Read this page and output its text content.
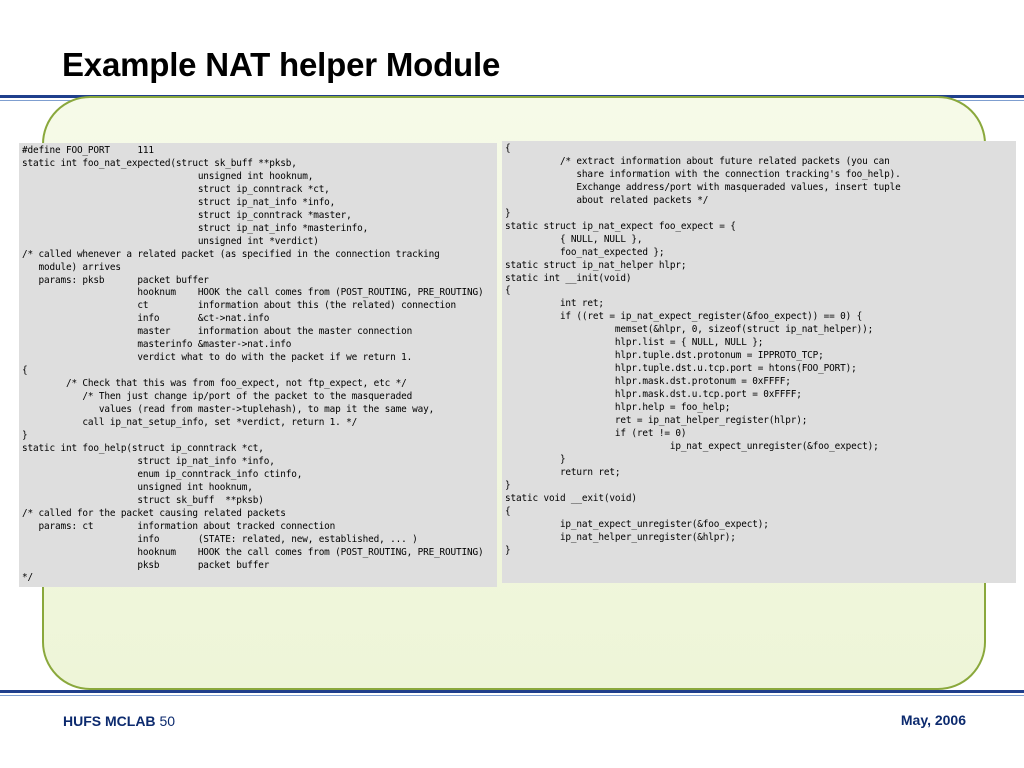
Example NAT helper Module
#define FOO_PORT     111
static int foo_nat_expected(struct sk_buff **pksb,
unsigned int hooknum,
struct ip_conntrack *ct,
struct ip_nat_info *info,
struct ip_conntrack *master,
struct ip_nat_info *masterinfo,
unsigned int *verdict)
/* called whenever a related packet (as specified in the connection tracking
module) arrives
params: pksb      packet buffer
hooknum    HOOK the call comes from (POST_ROUTING, PRE_ROUTING)
ct         information about this (the related) connection
info       &ct->nat.info
master     information about the master connection
masterinfo &master->nat.info
verdict what to do with the packet if we return 1.
{
/* Check that this was from foo_expect, not ftp_expect, etc */
/* Then just change ip/port of the packet to the masqueraded
values (read from master->tuplehash), to map it the same way,
call ip_nat_setup_info, set *verdict, return 1. */
}
static int foo_help(struct ip_conntrack *ct,
struct ip_nat_info *info,
enum ip_conntrack_info ctinfo,
unsigned int hooknum,
struct sk_buff  **pksb)
/* called for the packet causing related packets
params: ct        information about tracked connection
info       (STATE: related, new, established, ... )
hooknum    HOOK the call comes from (POST_ROUTING, PRE_ROUTING)
pksb       packet buffer
*/
{
/* extract information about future related packets (you can
share information with the connection tracking's foo_help).
Exchange address/port with masqueraded values, insert tuple
about related packets */
}
static struct ip_nat_expect foo_expect = {
{ NULL, NULL },
foo_nat_expected };
static struct ip_nat_helper hlpr;
static int __init(void)
{
int ret;
if ((ret = ip_nat_expect_register(&foo_expect)) == 0) {
memset(&hlpr, 0, sizeof(struct ip_nat_helper));
hlpr.list = { NULL, NULL };
hlpr.tuple.dst.protonum = IPPROTO_TCP;
hlpr.tuple.dst.u.tcp.port = htons(FOO_PORT);
hlpr.mask.dst.protonum = 0xFFFF;
hlpr.mask.dst.u.tcp.port = 0xFFFF;
hlpr.help = foo_help;
ret = ip_nat_helper_register(hlpr);
if (ret != 0)
ip_nat_expect_unregister(&foo_expect);
}
return ret;
}
static void __exit(void)
{
ip_nat_expect_unregister(&foo_expect);
ip_nat_helper_unregister(&hlpr);
}
HUFS MCLAB 50	May, 2006
